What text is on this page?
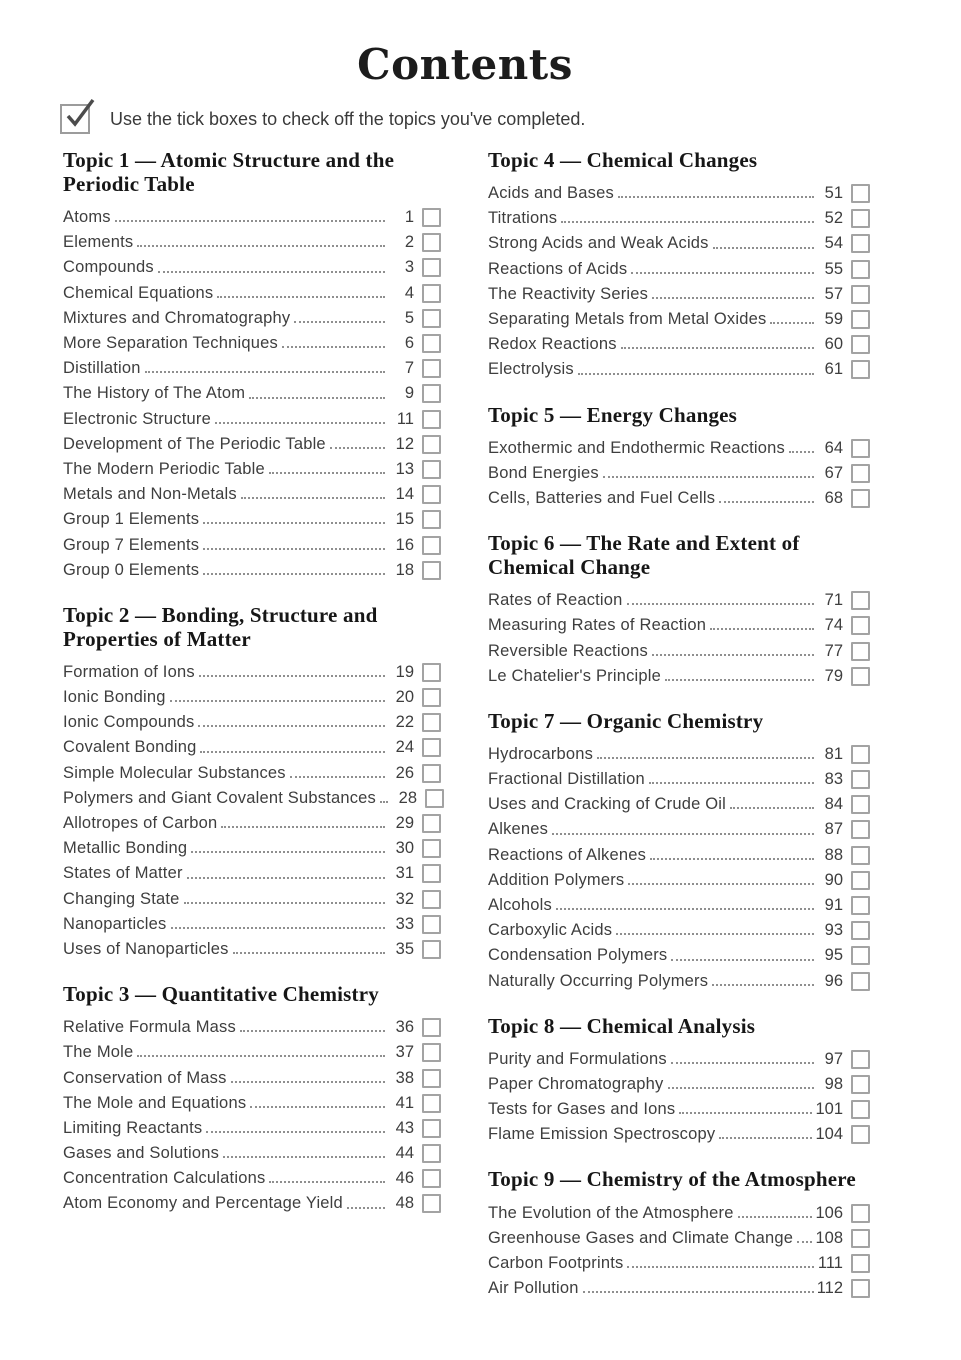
Contents
Use the tick boxes to check off the topics you've completed.
Topic 1 — Atomic Structure and the
Periodic Table
Atoms	1
Elements	2
Compounds	3
Chemical Equations	4
Mixtures and Chromatography	5
More Separation Techniques	6
Distillation	7
The History of The Atom	9
Electronic Structure	11
Development of The Periodic Table	12
The Modern Periodic Table	13
Metals and Non-Metals	14
Group 1 Elements	15
Group 7 Elements	16
Group 0 Elements	18
Topic 2 — Bonding, Structure and
Properties of Matter
Formation of Ions	19
Ionic Bonding	20
Ionic Compounds	22
Covalent Bonding	24
Simple Molecular Substances	26
Polymers and Giant Covalent Substances	28
Allotropes of Carbon	29
Metallic Bonding	30
States of Matter	31
Changing State	32
Nanoparticles	33
Uses of Nanoparticles	35
Topic 3 — Quantitative Chemistry
Relative Formula Mass	36
The Mole	37
Conservation of Mass	38
The Mole and Equations	41
Limiting Reactants	43
Gases and Solutions	44
Concentration Calculations	46
Atom Economy and Percentage Yield	48
Topic 4 — Chemical Changes
Acids and Bases	51
Titrations	52
Strong Acids and Weak Acids	54
Reactions of Acids	55
The Reactivity Series	57
Separating Metals from Metal Oxides	59
Redox Reactions	60
Electrolysis	61
Topic 5 — Energy Changes
Exothermic and Endothermic Reactions	64
Bond Energies	67
Cells, Batteries and Fuel Cells	68
Topic 6 — The Rate and Extent of
Chemical Change
Rates of Reaction	71
Measuring Rates of Reaction	74
Reversible Reactions	77
Le Chatelier's Principle	79
Topic 7 — Organic Chemistry
Hydrocarbons	81
Fractional Distillation	83
Uses and Cracking of Crude Oil	84
Alkenes	87
Reactions of Alkenes	88
Addition Polymers	90
Alcohols	91
Carboxylic Acids	93
Condensation Polymers	95
Naturally Occurring Polymers	96
Topic 8 — Chemical Analysis
Purity and Formulations	97
Paper Chromatography	98
Tests for Gases and Ions	101
Flame Emission Spectroscopy	104
Topic 9 — Chemistry of the Atmosphere
The Evolution of the Atmosphere	106
Greenhouse Gases and Climate Change 108
Carbon Footprints	111
Air Pollution	112
